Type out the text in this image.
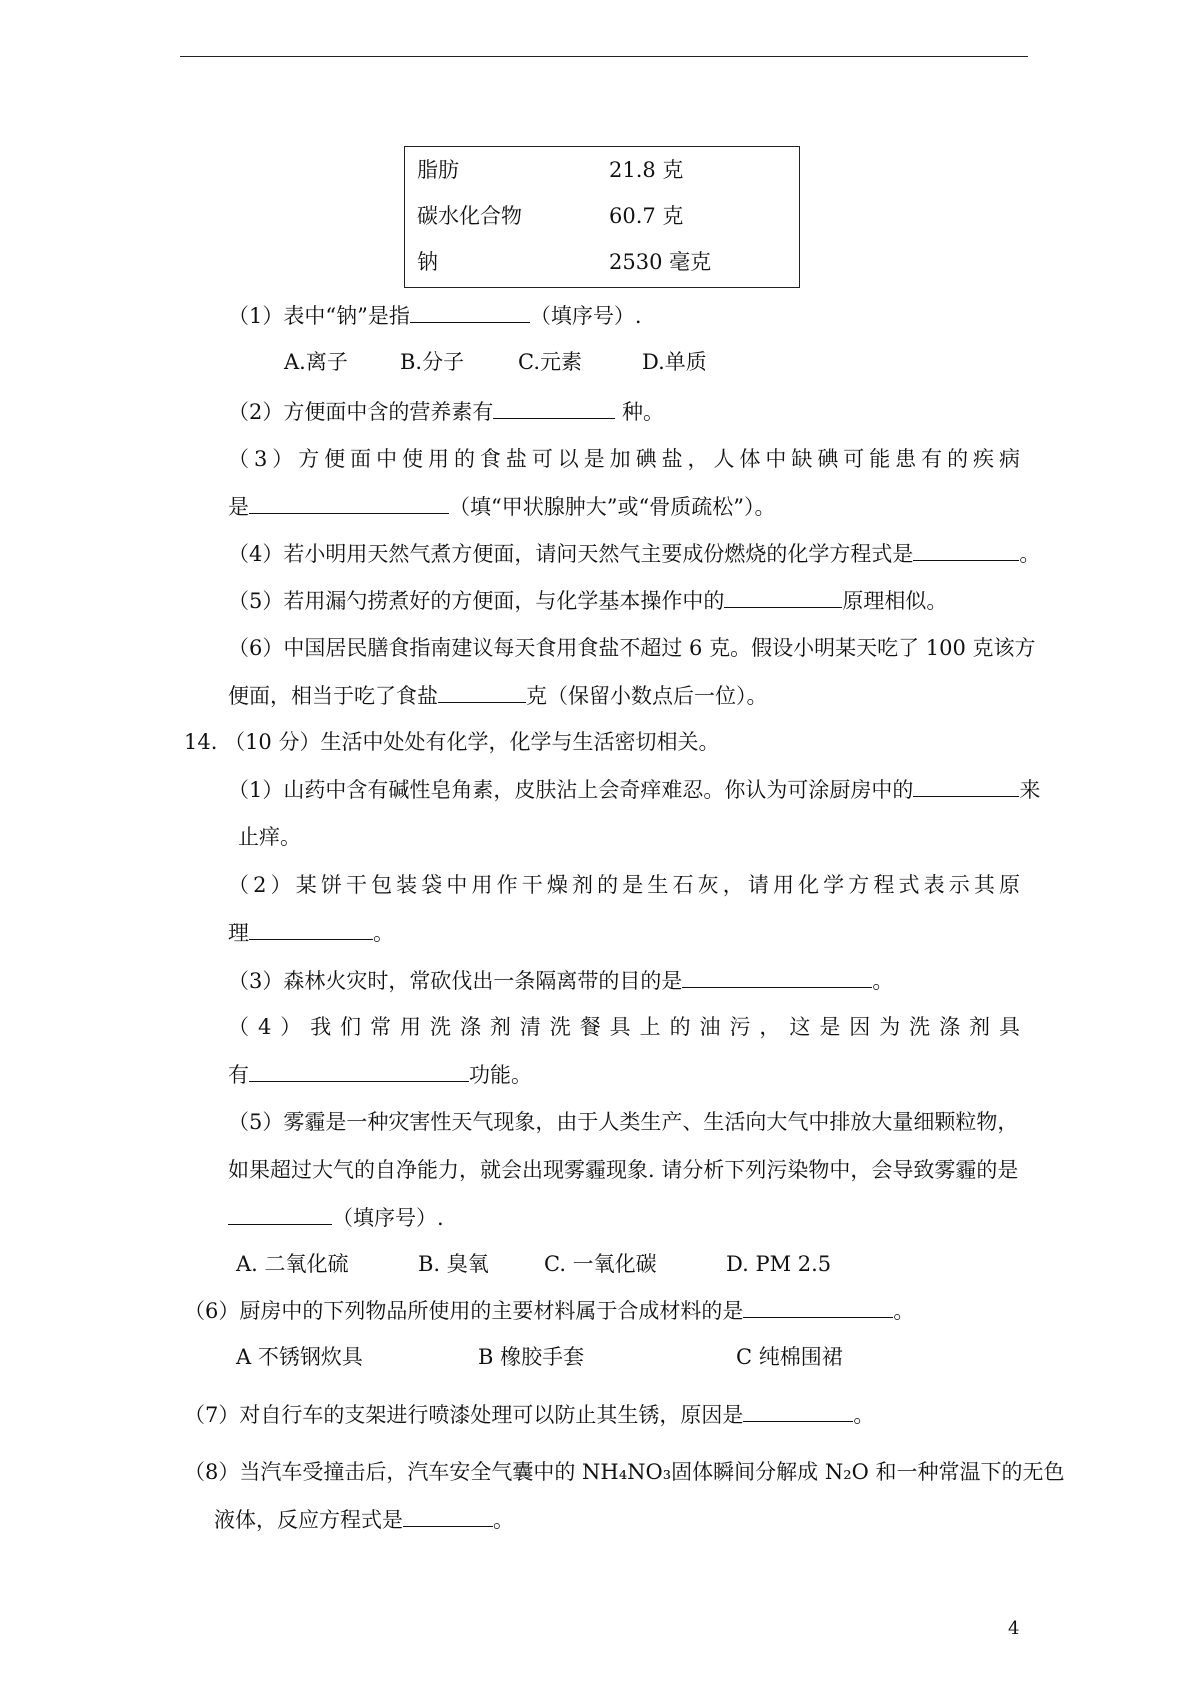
脂肪	21.8 克
碳水化合物	60.7 克
钠	2530 毫克
（1）表中“钠”是指	（填序号）.
A.离子 B.分子	C.元素	D.单质
（2）方便面中含的营养素有	种。
（3）方便面中使用的食盐可以是加碘盐，人体中缺碘可能患有的疾病
是	（填“甲状腺肿大”或“骨质疏松”）。
（4）若小明用天然气煮方便面，请问天然气主要成份燃烧的化学方程式是	。
（5）若用漏勺捞煮好的方便面，与化学基本操作中的	原理相似。
（6）中国居民膳食指南建议每天食用食盐不超过 6 克。假设小明某天吃了 100 克该方
便面，相当于吃了食盐	克（保留小数点后一位）。
14. （10 分）生活中处处有化学，化学与生活密切相关。
（1）山药中含有碱性皂角素，皮肤沾上会奇痒难忍。你认为可涂厨房中的	来
止痒。
（2）某饼干包装袋中用作干燥剂的是生石灰，请用化学方程式表示其原
理	。
（3）森林火灾时，常砍伐出一条隔离带的目的是	。
（4）我们常用洗涤剂清洗餐具上的油污，这是因为洗涤剂具
有	功能。
（5）雾霾是一种灾害性天气现象，由于人类生产、生活向大气中排放大量细颗粒物，
如果超过大气的自净能力，就会出现雾霾现象. 请分析下列污染物中，会导致雾霾的是
（填序号）.
A. 二氧化硫	B. 臭氧	C. 一氧化碳	D. PM 2.5
（6）厨房中的下列物品所使用的主要材料属于合成材料的是	。
A 不锈钢炊具	B 橡胶手套	C 纯棉围裙
（7）对自行车的支架进行喷漆处理可以防止其生锈，原因是	。
（8）当汽车受撞击后，汽车安全气囊中的 NH₄NO₃固体瞬间分解成 N₂O 和一种常温下的无色
液体，反应方程式是	。
4
